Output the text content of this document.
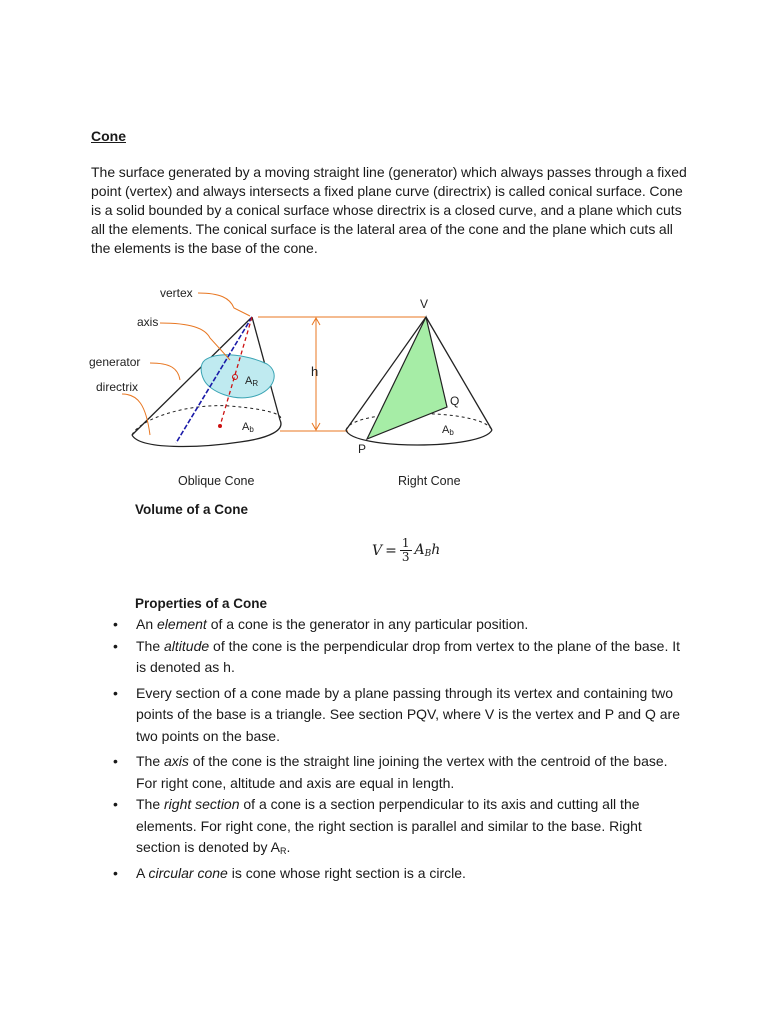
Cone

The surface generated by a moving straight line (generator) which always passes through a fixed point (vertex) and always intersects a fixed plane curve (directrix) is called conical surface. Cone is a solid bounded by a conical surface whose directrix is a closed curve, and a plane which cuts all the elements. The conical surface is the lateral area of the cone and the plane which cuts all the elements is the base of the cone.

vertex
axis
generator
directrix	AR
Ab
Oblique Cone
h
V
Q
P
Ab
Right Cone
Volume of a Cone
$V = \frac{1}{3} A_Bh$
Properties of a Cone
• An element of a cone is the generator in any particular position.
• The altitude of the cone is the perpendicular drop from vertex to the plane of the base. It is denoted as h.
• Every section of a cone made by a plane passing through its vertex and containing two points of the base is a triangle. See section PQV, where V is the vertex and P and Q are two points on the base.
• The axis of the cone is the straight line joining the vertex with the centroid of the base. For right cone, altitude and axis are equal in length.
• The right section of a cone is a section perpendicular to its axis and cutting all the elements. For right cone, the right section is parallel and similar to the base. Right section is denoted by $A_R$.
• A circular cone is cone whose right section is a circle.
